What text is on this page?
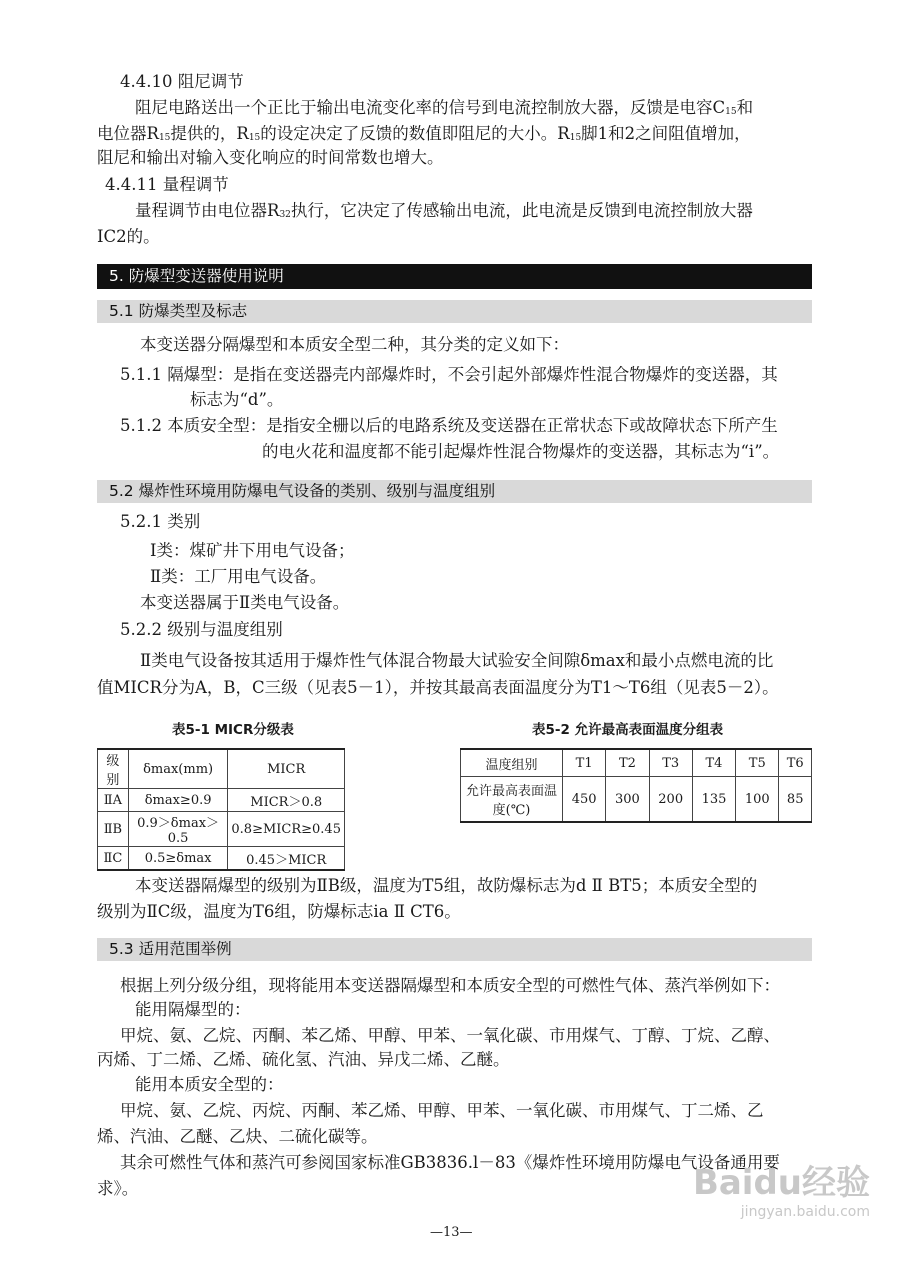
4.4.10 阻尼调节
阻尼电路送出一个正比于输出电流变化率的信号到电流控制放大器，反馈是电容$C_{15}$和
电位器$R_{15}$提供的，$R_{15}$的设定决定了反馈的数值即阻尼的大小。$R_{15}$脚1和2之间阻值增加，
阻尼和输出对输入变化响应的时间常数也增大。
4.4.11 量程调节
量程调节由电位器$R_{32}$执行，它决定了传感输出电流，此电流是反馈到电流控制放大器
IC2的。
5. 防爆型变送器使用说明
5.1 防爆类型及标志
本变送器分隔爆型和本质安全型二种，其分类的定义如下：
5.1.1 隔爆型：是指在变送器壳内部爆炸时，不会引起外部爆炸性混合物爆炸的变送器，其
标志为“d”。
5.1.2 本质安全型：是指安全栅以后的电路系统及变送器在正常状态下或故障状态下所产生
的电火花和温度都不能引起爆炸性混合物爆炸的变送器，其标志为“i”。
5.2 爆炸性环境用防爆电气设备的类别、级别与温度组别
5.2.1 类别
Ⅰ类：煤矿井下用电气设备；
Ⅱ类：工厂用电气设备。
本变送器属于Ⅱ类电气设备。
5.2.2 级别与温度组别
Ⅱ类电气设备按其适用于爆炸性气体混合物最大试验安全间隙δmax和最小点燃电流的比
值MICR分为A，B，C三级（见表5－1），并按其最高表面温度分为T1～T6组（见表5－2）。
表5-1 MICR分级表	表5-2 允许最高表面温度分组表
级别	δmax(mm)	MICR
ⅡA	δmax≥0.9	MICR＞0.8
ⅡB	0.9＞δmax＞0.5	0.8≥MICR≥0.45
ⅡC	0.5≥δmax	0.45＞MICR
温度组别	T1	T2	T3	T4	T5	T6
允许最高表面温度(℃)	450	300	200	135	100	85
本变送器隔爆型的级别为ⅡB级，温度为T5组，故防爆标志为d Ⅱ BT5；本质安全型的
级别为ⅡC级，温度为T6组，防爆标志ia Ⅱ CT6。
5.3 适用范围举例
根据上列分级分组，现将能用本变送器隔爆型和本质安全型的可燃性气体、蒸汽举例如下：
能用隔爆型的：
甲烷、氨、乙烷、丙酮、苯乙烯、甲醇、甲苯、一氧化碳、市用煤气、丁醇、丁烷、乙醇、
丙烯、丁二烯、乙烯、硫化氢、汽油、异戊二烯、乙醚。
能用本质安全型的：
甲烷、氨、乙烷、丙烷、丙酮、苯乙烯、甲醇、甲苯、一氧化碳、市用煤气、丁二烯、乙
烯、汽油、乙醚、乙炔、二硫化碳等。
其余可燃性气体和蒸汽可参阅国家标准GB3836.l－83《爆炸性环境用防爆电气设备通用要
求》。
—13—
Baidu经验
jingyan.baidu.com
